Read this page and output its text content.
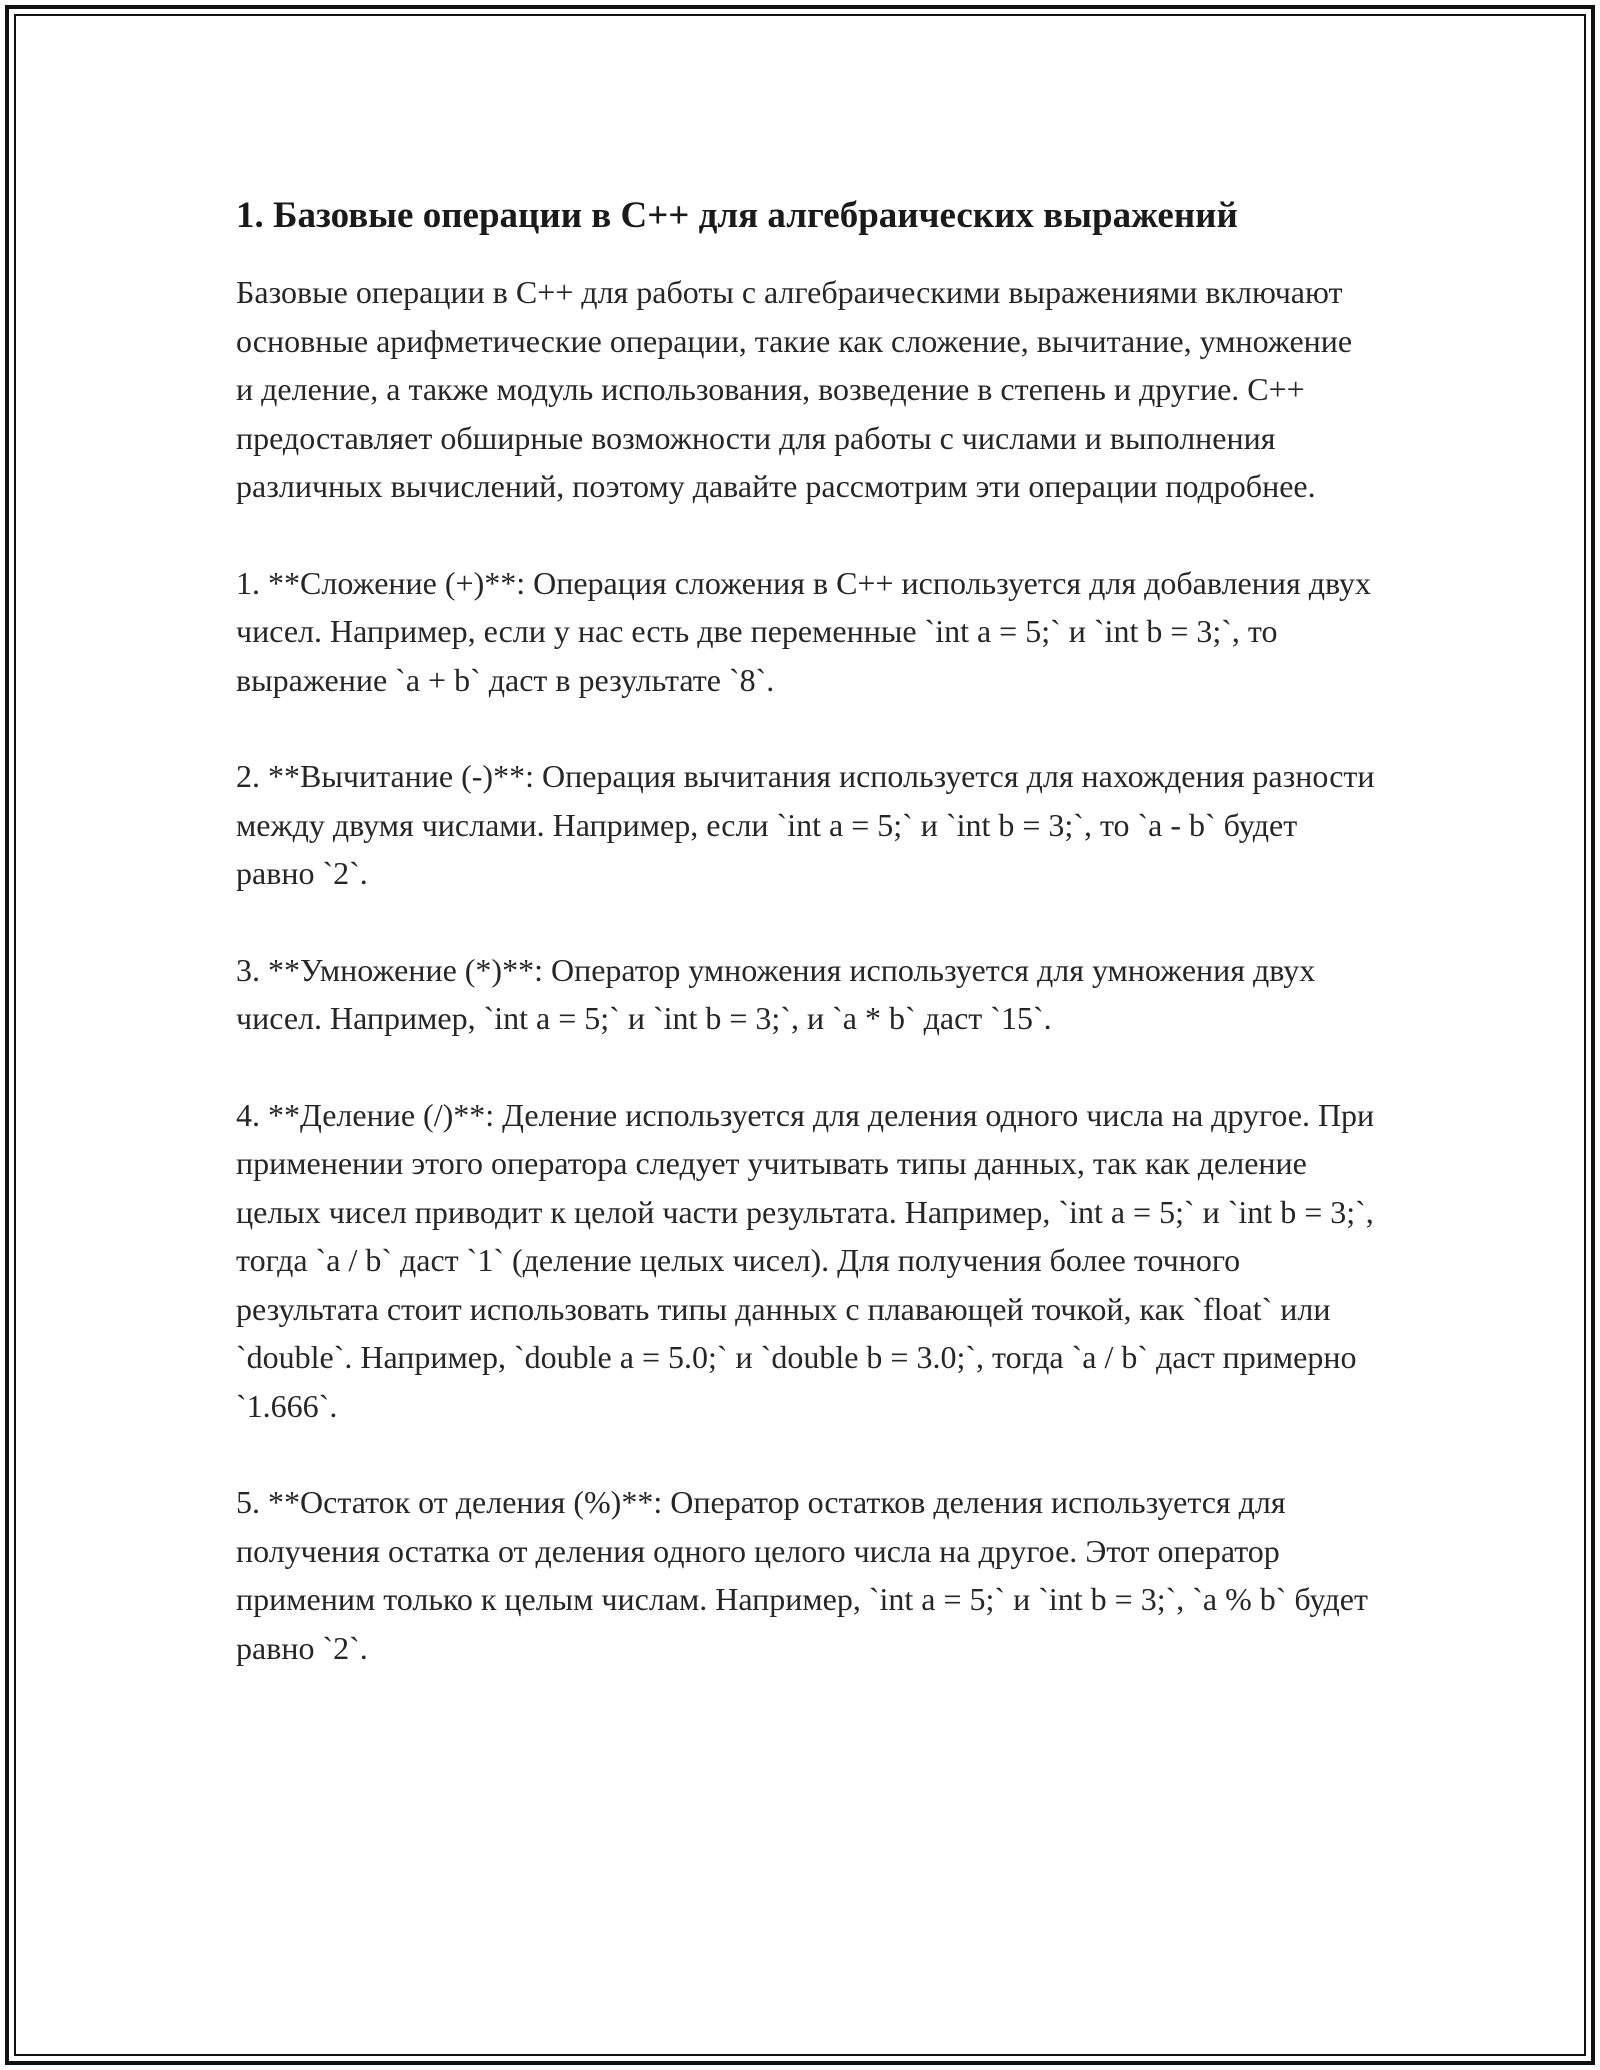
1. Базовые операции в C++ для алгебраических выражений

Базовые операции в C++ для работы с алгебраическими выражениями включают основные арифметические операции, такие как сложение, вычитание, умножение и деление, а также модуль использования, возведение в степень и другие. C++ предоставляет обширные возможности для работы с числами и выполнения различных вычислений, поэтому давайте рассмотрим эти операции подробнее.

1. **Сложение (+)**: Операция сложения в C++ используется для добавления двух чисел. Например, если у нас есть две переменные `int a = 5;` и `int b = 3;`, то выражение `a + b` даст в результате `8`.

2. **Вычитание (-)**: Операция вычитания используется для нахождения разности между двумя числами. Например, если `int a = 5;` и `int b = 3;`, то `a - b` будет равно `2`.

3. **Умножение (*)**: Оператор умножения используется для умножения двух чисел. Например, `int a = 5;` и `int b = 3;`, и `a * b` даст `15`.

4. **Деление (/)**: Деление используется для деления одного числа на другое. При применении этого оператора следует учитывать типы данных, так как деление целых чисел приводит к целой части результата. Например, `int a = 5;` и `int b = 3;`, тогда `a / b` даст `1` (деление целых чисел). Для получения более точного результата стоит использовать типы данных с плавающей точкой, как `float` или `double`. Например, `double a = 5.0;` и `double b = 3.0;`, тогда `a / b` даст примерно `1.666`.

5. **Остаток от деления (%)**: Оператор остатков деления используется для получения остатка от деления одного целого числа на другое. Этот оператор применим только к целым числам. Например, `int a = 5;` и `int b = 3;`, `a % b` будет равно `2`.
